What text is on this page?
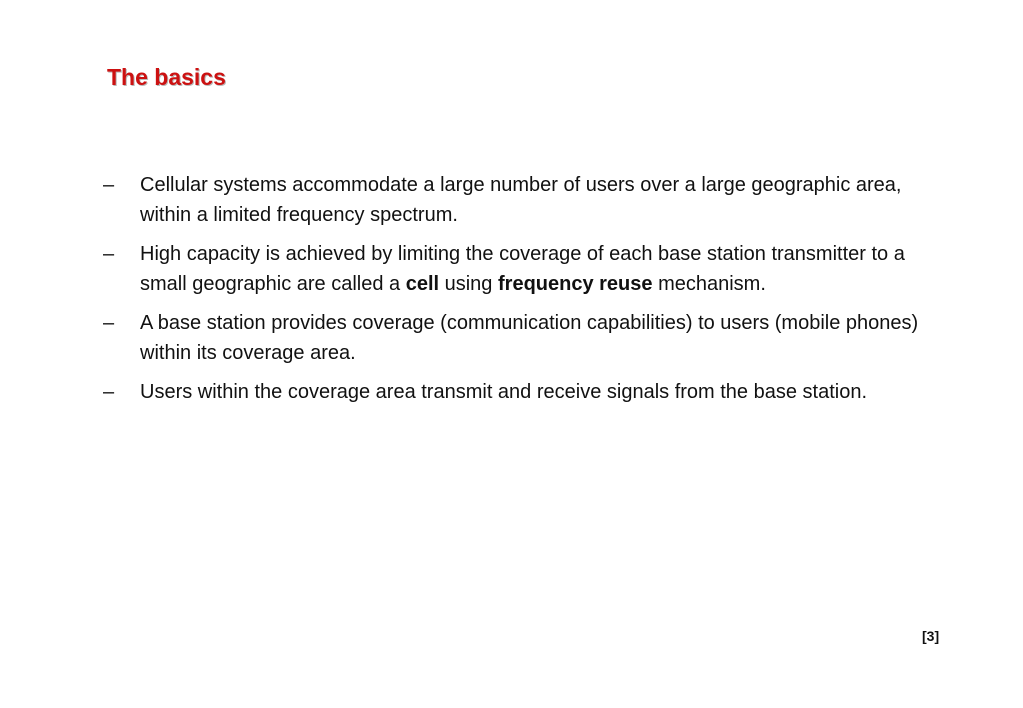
The basics
–	Cellular systems accommodate a large number of users over a large geographic area, within a limited frequency spectrum.
–	High capacity is achieved by limiting the coverage of each base station transmitter to a small geographic are called a cell using frequency reuse mechanism.
–	A base station provides coverage (communication capabilities) to users (mobile phones) within its coverage area.
–	Users within the coverage area transmit and receive signals from the base station.
[3]
